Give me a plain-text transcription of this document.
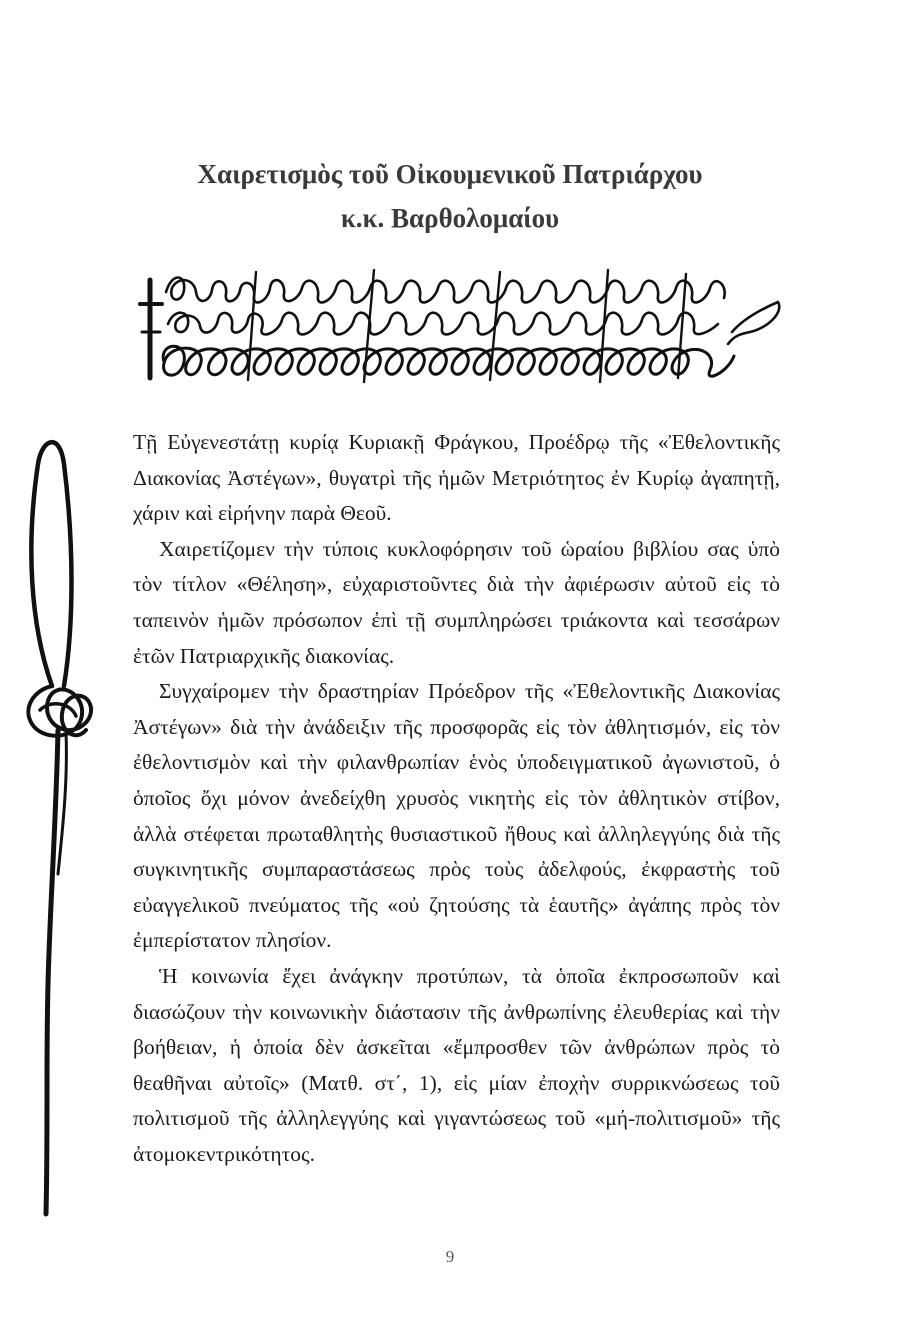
Χαιρετισμὸς τοῦ Οἰκουμενικοῦ Πατριάρχου
κ.κ. Βαρθολομαίου

Τῇ Εὐγενεστάτῃ κυρίᾳ Κυριακῇ Φράγκου, Προέδρῳ τῆς «Ἐθελοντικῆς Διακονίας Ἀστέγων», θυγατρὶ τῆς ἡμῶν Μετριότητος ἐν Κυρίῳ ἀγαπητῇ, χάριν καὶ εἰρήνην παρὰ Θεοῦ.

Χαιρετίζομεν τὴν τύποις κυκλοφόρησιν τοῦ ὡραίου βιβλίου σας ὑπὸ τὸν τίτλον «Θέληση», εὐχαριστοῦντες διὰ τὴν ἀφιέρωσιν αὐτοῦ εἰς τὸ ταπεινὸν ἡμῶν πρόσωπον ἐπὶ τῇ συμπληρώσει τριάκοντα καὶ τεσσάρων ἐτῶν Πατριαρχικῆς διακονίας.

Συγχαίρομεν τὴν δραστηρίαν Πρόεδρον τῆς «Ἐθελοντικῆς Διακονίας Ἀστέγων» διὰ τὴν ἀνάδειξιν τῆς προσφορᾶς εἰς τὸν ἀθλητισμόν, εἰς τὸν ἐθελοντισμὸν καὶ τὴν φιλανθρωπίαν ἑνὸς ὑποδειγματικοῦ ἀγωνιστοῦ, ὁ ὁποῖος ὄχι μόνον ἀνεδείχθη χρυσὸς νικητὴς εἰς τὸν ἀθλητικὸν στίβον, ἀλλὰ στέφεται πρωταθλητὴς θυσιαστικοῦ ἤθους καὶ ἀλληλεγγύης διὰ τῆς συγκινητικῆς συμπαραστάσεως πρὸς τοὺς ἀδελφούς, ἐκφραστὴς τοῦ εὐαγγελικοῦ πνεύματος τῆς «οὐ ζητούσης τὰ ἑαυτῆς» ἀγάπης πρὸς τὸν ἐμπερίστατον πλησίον.

Ἡ κοινωνία ἔχει ἀνάγκην προτύπων, τὰ ὁποῖα ἐκπροσωποῦν καὶ διασώζουν τὴν κοινωνικὴν διάστασιν τῆς ἀνθρωπίνης ἐλευθερίας καὶ τὴν βοήθειαν, ἡ ὁποία δὲν ἀσκεῖται «ἔμπροσθεν τῶν ἀνθρώπων πρὸς τὸ θεαθῆναι αὐτοῖς» (Ματθ. στ΄, 1), εἰς μίαν ἐποχὴν συρρικνώσεως τοῦ πολιτισμοῦ τῆς ἀλληλεγγύης καὶ γιγαντώσεως τοῦ «μή-πολιτισμοῦ» τῆς ἀτομοκεντρικότητος.

9
